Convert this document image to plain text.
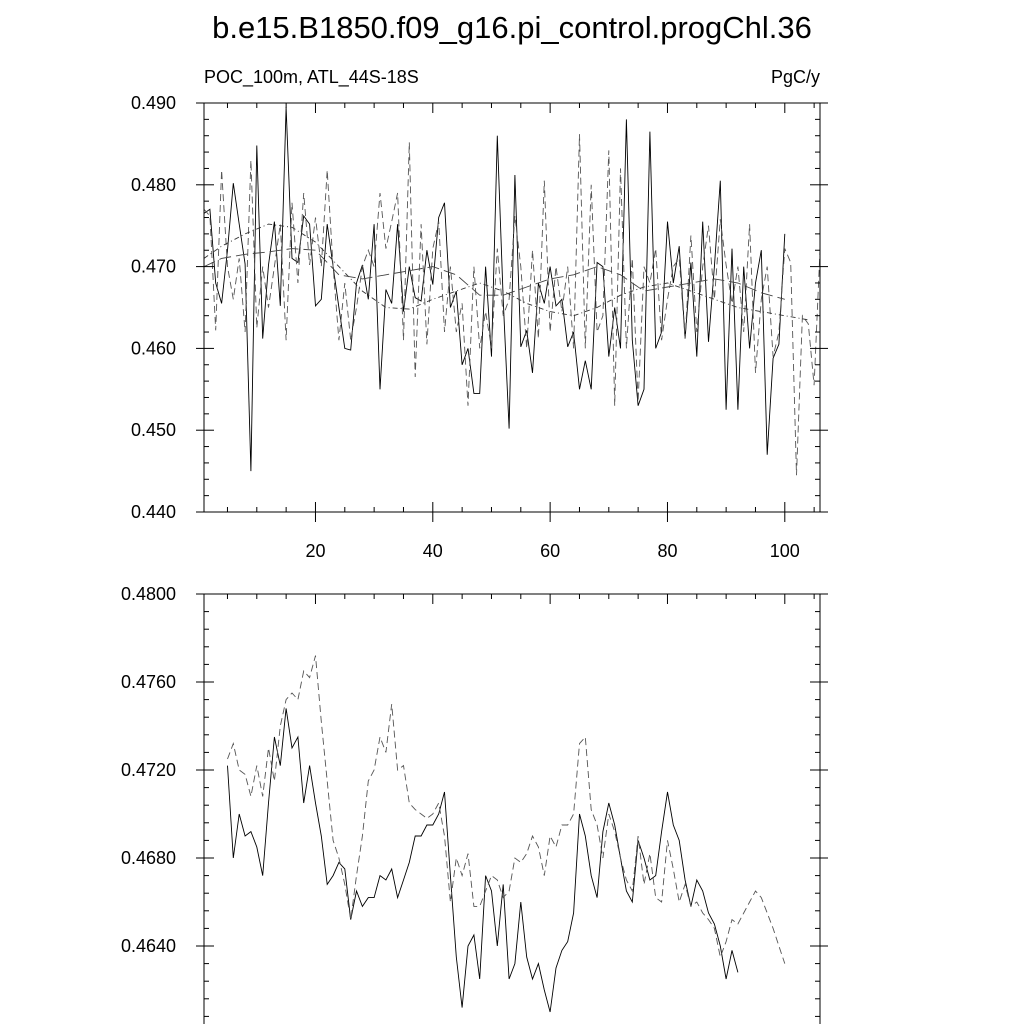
b.e15.B1850.f09_g16.pi_control.progChl.36
POC_100m, ATL_44S-18S	PgC/y
20	40	60	80	100
0.440
0.450
0.460
0.470
0.480
0.490
0.4640
0.4680
0.4720
0.4760
0.4800
